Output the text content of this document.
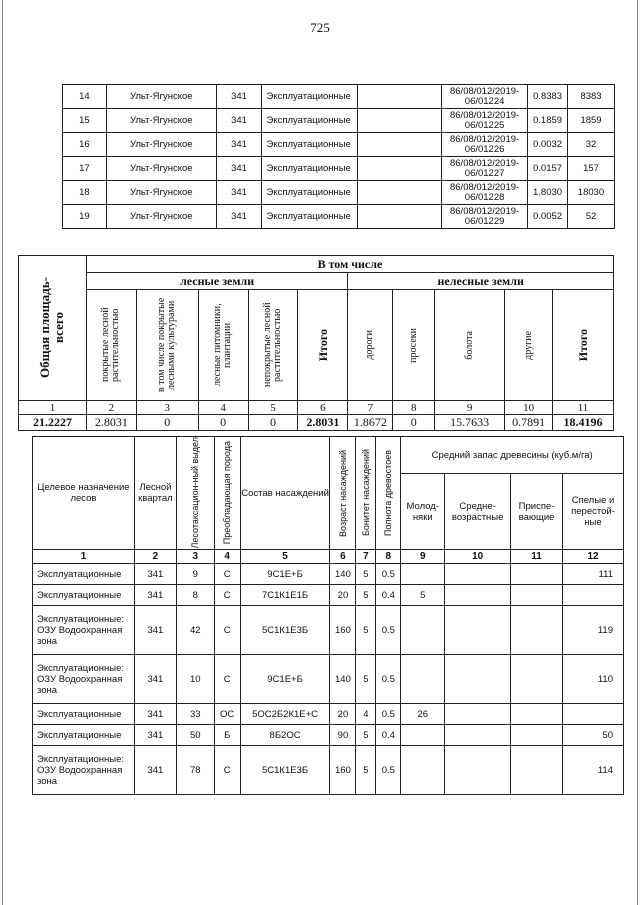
725
14	Ульт-Ягунское	341	Эксплуатационные		86/08/012/2019-06/01224	0.8383	8383
15	Ульт-Ягунское	341	Эксплуатационные		86/08/012/2019-06/01225	0.1859	1859
16	Ульт-Ягунское	341	Эксплуатационные		86/08/012/2019-06/01226	0.0032	32
17	Ульт-Ягунское	341	Эксплуатационные		86/08/012/2019-06/01227	0.0157	157
18	Ульт-Ягунское	341	Эксплуатационные		86/08/012/2019-06/01228	1.8030	18030
19	Ульт-Ягунское	341	Эксплуатационные		86/08/012/2019-06/01229	0.0052	52
Общая площадь-всего	В том числе									
	лесные земли					нелесные земли				

	покрытые лесной растительностью	в том числе покрытые лесными культурами	лесные питомники, плантации	непокрытые лесной растительностью	Итого	дороги	просеки	болота	другие	Итого

1	2	3	4	5	6	7	8	9	10	11
21.2227	2.8031	0	0	0	2.8031	1.8672	0	15.7633	0.7891	18.4196
Целевое назначение лесов	Лесной квартал	Лесотаксацион-ный выдел	Преобладающая порода	Состав насаждений	Возраст насаждений	Бонитет насаждений	Полнота древостоев	Средний запас древесины (куб.м/га)			
								Молод-няки	Средне-возрастные	Приспе-вающие	Спелые и перестой-ные
1	2	3	4	5	6	7	8	9	10	11	12
Эксплуатационные	341	9	С	9С1Е+Б	140	5	0.5				111
Эксплуатационные	341	8	С	7С1К1Е1Б	20	5	0.4	5			
Эксплуатационные: ОЗУ Водоохранная зона	341	42	С	5С1К1Е3Б	160	5	0.5				119
Эксплуатационные: ОЗУ Водоохранная зона	341	10	С	9С1Е+Б	140	5	0.5				110
Эксплуатационные	341	33	ОС	5ОС2Б2К1Е+С	20	4	0.5	26			
Эксплуатационные	341	50	Б	8Б2ОС	90	5	0.4				50
Эксплуатационные: ОЗУ Водоохранная зона	341	78	С	5С1К1Е3Б	160	5	0.5				114
